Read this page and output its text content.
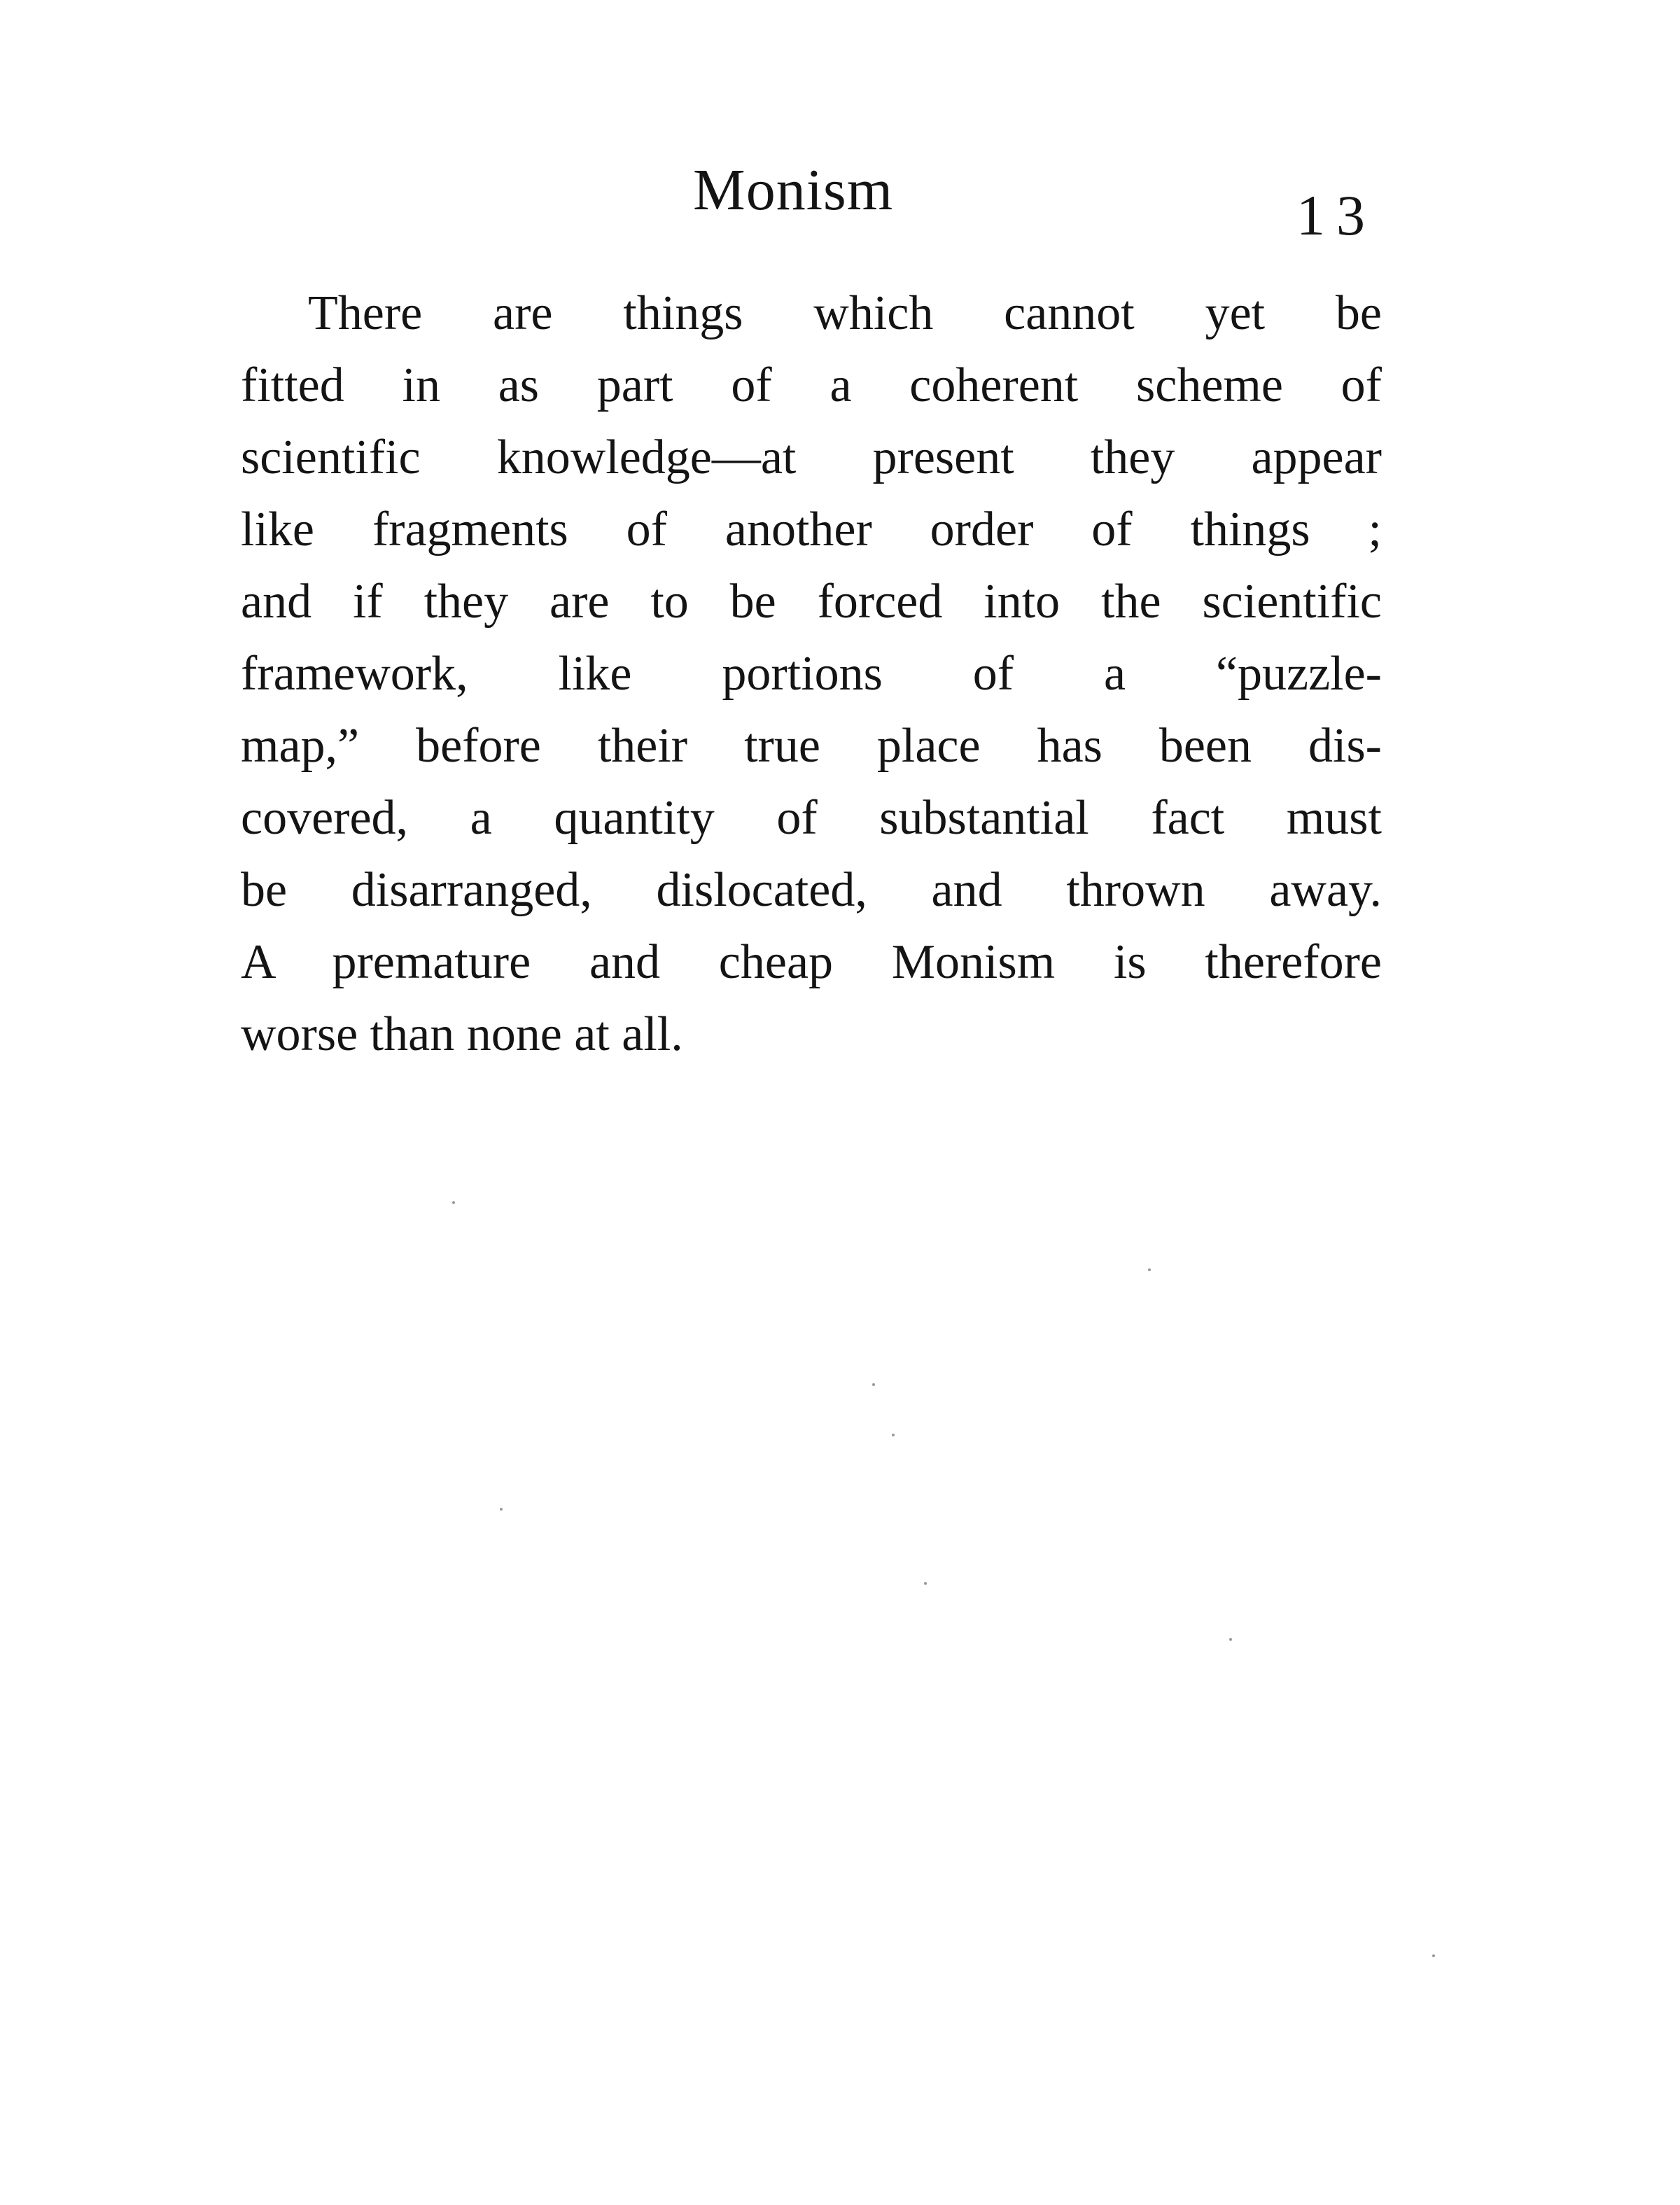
Monism	13
There are things which cannot yet be
fitted in as part of a coherent scheme of
scientific knowledge—at present they appear
like fragments of another order of things ;
and if they are to be forced into the scientific
framework, like portions of a “puzzle-
map,” before their true place has been dis-
covered, a quantity of substantial fact must
be disarranged, dislocated, and thrown away.
A premature and cheap Monism is therefore
worse than none at all.
